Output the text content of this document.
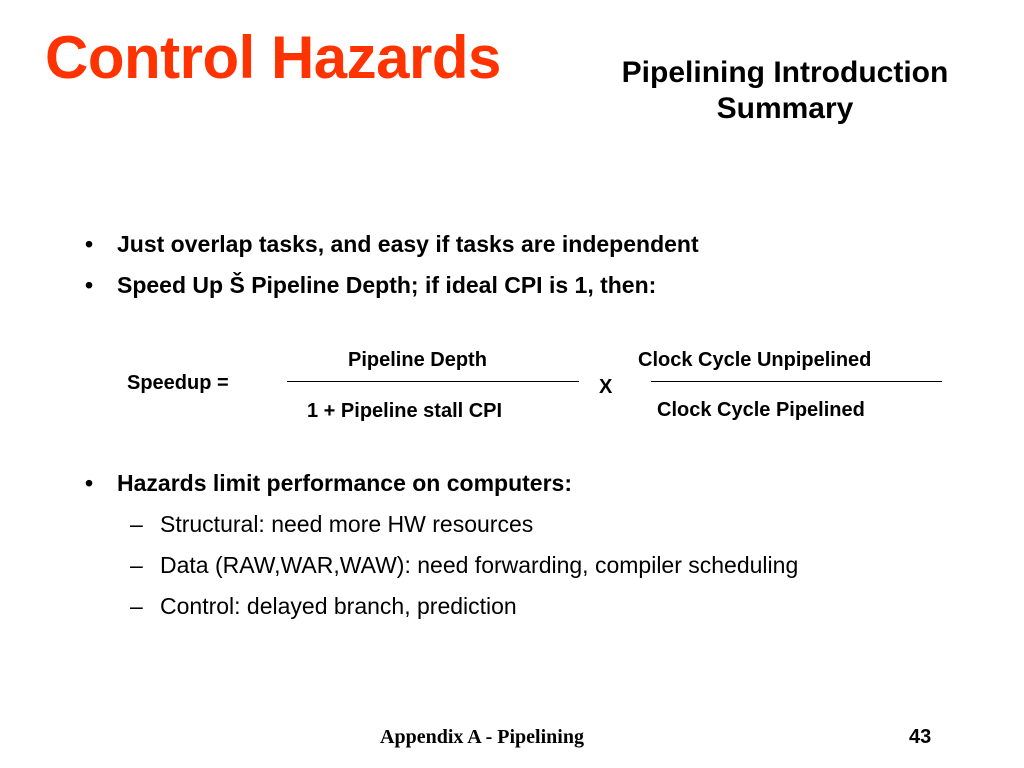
Control Hazards	Pipelining Introduction
Summary
• Just overlap tasks, and easy if tasks are independent
• Speed Up Š Pipeline Depth; if ideal CPI is 1, then:
• Hazards limit performance on computers:
– Structural: need more HW resources
– Data (RAW,WAR,WAW): need forwarding, compiler scheduling
– Control: delayed branch, prediction
Speedup =
Pipeline Depth
1 + Pipeline stall CPI
X
Clock Cycle Unpipelined
Clock Cycle Pipelined
Appendix A - Pipelining	43
